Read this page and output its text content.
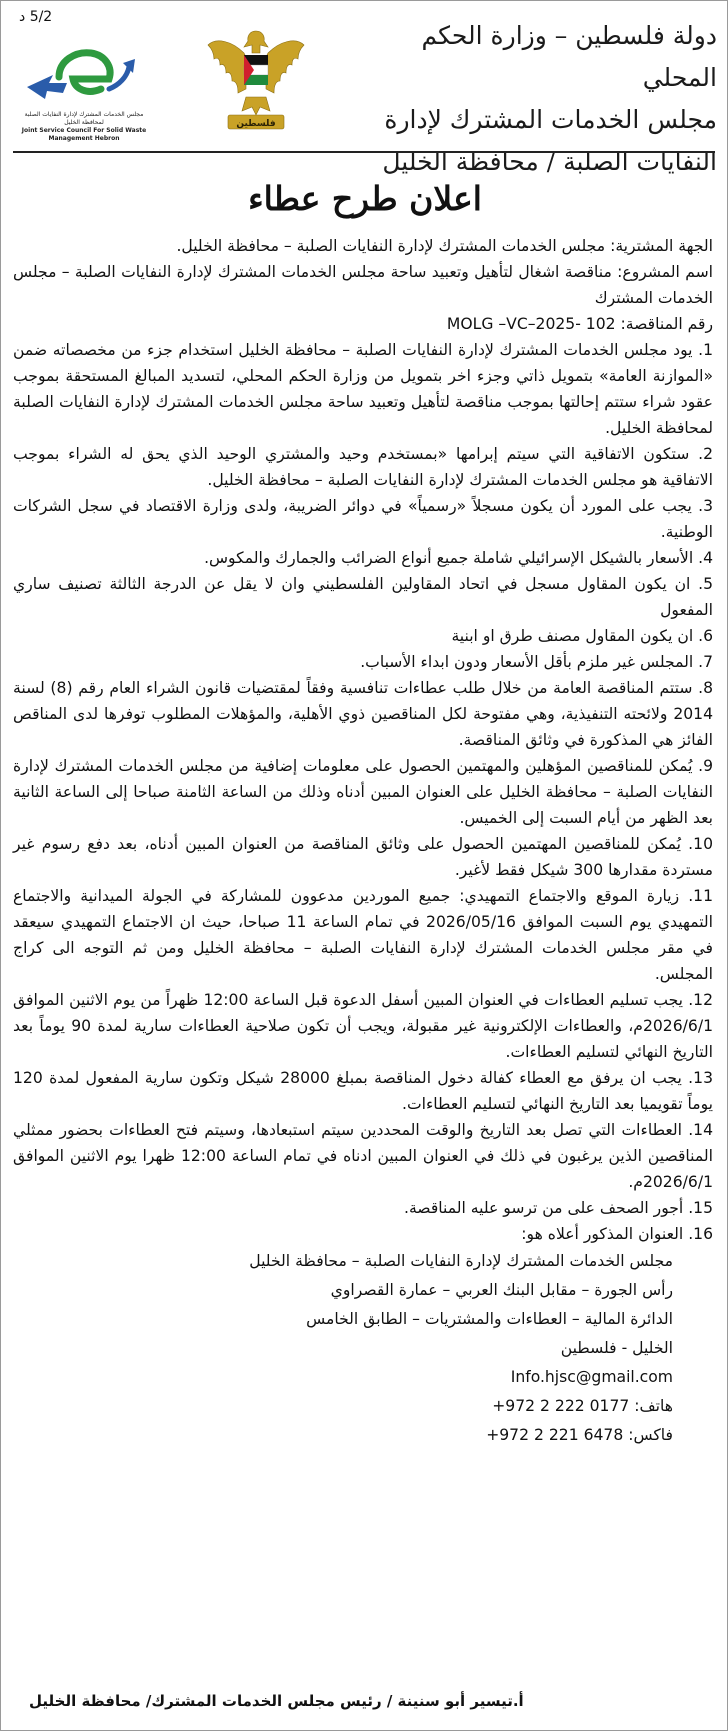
5/2 د
دولة فلسطين – وزارة الحكم المحلي
مجلس الخدمات المشترك لإدارة
النفايات الصلبة / محافظة الخليل
فلسطين
مجلس الخدمات المشترك لإدارة النفايات الصلبة لمحافظة الخليل
Joint Service Council For Solid Waste Management Hebron
اعلان طرح عطاء

الجهة المشترية: مجلس الخدمات المشترك لإدارة النفايات الصلبة – محافظة الخليل.

اسم المشروع: مناقصة اشغال لتأهيل وتعبيد ساحة مجلس الخدمات المشترك لإدارة النفايات الصلبة – مجلس الخدمات المشترك

رقم المناقصة: MOLG –VC–2025- 102

1. يود مجلس الخدمات المشترك لإدارة النفايات الصلبة – محافظة الخليل استخدام جزء من مخصصاته ضمن «الموازنة العامة» بتمويل ذاتي وجزء اخر بتمويل من وزارة الحكم المحلي، لتسديد المبالغ المستحقة بموجب عقود شراء ستتم إحالتها بموجب مناقصة لتأهيل وتعبيد ساحة مجلس الخدمات المشترك لإدارة النفايات الصلبة لمحافظة الخليل.

2. ستكون الاتفاقية التي سيتم إبرامها «بمستخدم وحيد والمشتري الوحيد الذي يحق له الشراء بموجب الاتفاقية هو مجلس الخدمات المشترك لإدارة النفايات الصلبة – محافظة الخليل.

3. يجب على المورد أن يكون مسجلاً «رسمياً» في دوائر الضريبة، ولدى وزارة الاقتصاد في سجل الشركات الوطنية.

4. الأسعار بالشيكل الإسرائيلي شاملة جميع أنواع الضرائب والجمارك والمكوس.

5. ان يكون المقاول مسجل في اتحاد المقاولين الفلسطيني وان لا يقل عن الدرجة الثالثة تصنيف ساري المفعول

6. ان يكون المقاول مصنف طرق او ابنية

7. المجلس غير ملزم بأقل الأسعار ودون ابداء الأسباب.

8. ستتم المناقصة العامة من خلال طلب عطاءات تنافسية وفقاً لمقتضيات قانون الشراء العام رقم (8) لسنة 2014 ولائحته التنفيذية، وهي مفتوحة لكل المناقصين ذوي الأهلية، والمؤهلات المطلوب توفرها لدى المناقص الفائز هي المذكورة في وثائق المناقصة.

9. يُمكن للمناقصين المؤهلين والمهتمين الحصول على معلومات إضافية من مجلس الخدمات المشترك لإدارة النفايات الصلبة – محافظة الخليل على العنوان المبين أدناه وذلك من الساعة الثامنة صباحا إلى الساعة الثانية بعد الظهر من أيام السبت إلى الخميس.

10. يُمكن للمناقصين المهتمين الحصول على وثائق المناقصة من العنوان المبين أدناه، بعد دفع رسوم غير مستردة مقدارها 300 شيكل فقط لأغير.

11. زيارة الموقع والاجتماع التمهيدي: جميع الموردين مدعوون للمشاركة في الجولة الميدانية والاجتماع التمهيدي يوم السبت الموافق 2026/05/16 في تمام الساعة 11 صباحا، حيث ان الاجتماع التمهيدي سيعقد في مقر مجلس الخدمات المشترك لإدارة النفايات الصلبة – محافظة الخليل ومن ثم التوجه الى كراج المجلس.

12. يجب تسليم العطاءات في العنوان المبين أسفل الدعوة قبل الساعة 12:00 ظهراً من يوم الاثنين الموافق 2026/6/1م، والعطاءات الإلكترونية غير مقبولة، ويجب أن تكون صلاحية العطاءات سارية لمدة 90 يوماً بعد التاريخ النهائي لتسليم العطاءات.

13. يجب ان يرفق مع العطاء كفالة دخول المناقصة بمبلغ 28000 شيكل وتكون سارية المفعول لمدة 120 يوماً تقويميا بعد التاريخ النهائي لتسليم العطاءات.

14. العطاءات التي تصل بعد التاريخ والوقت المحددين سيتم استبعادها، وسيتم فتح العطاءات بحضور ممثلي المناقصين الذين يرغبون في ذلك في العنوان المبين ادناه في تمام الساعة 12:00 ظهرا يوم الاثنين الموافق 2026/6/1م.

15. أجور الصحف على من ترسو عليه المناقصة.

16. العنوان المذكور أعلاه هو:

مجلس الخدمات المشترك لإدارة النفايات الصلبة – محافظة الخليل

رأس الجورة – مقابل البنك العربي – عمارة القصراوي

الدائرة المالية – العطاءات والمشتريات – الطابق الخامس

الخليل - فلسطين

Info.hjsc@gmail.com

هاتف: +972 2 222 0177

فاكس: +972 2 221 6478

أ.تيسير أبو سنينة / رئيس مجلس الخدمات المشترك/ محافظة الخليل
